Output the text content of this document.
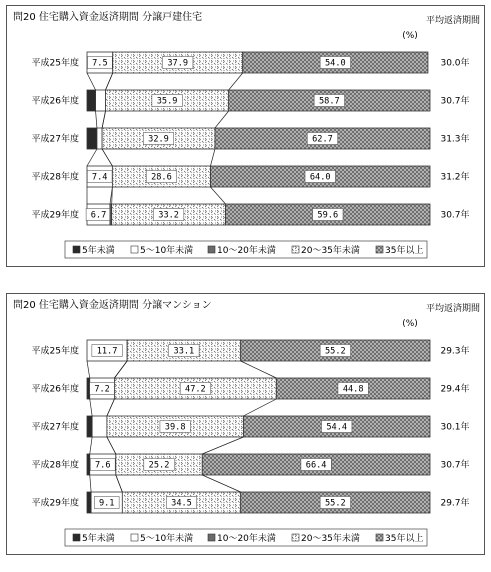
問20 住宅購入資金返済期間 分譲戸建住宅	平均返済期間
(%)
平成25年度 7.5	37.9	54.0	30.0年
平成26年度	35.9	58.7	30.7年
平成27年度	32.9	62.7	31.3年
平成28年度 7.4	28.6	64.0	31.2年
平成29年度 6.7	33.2	59.6	30.7年
5年未満	5〜10年未満	10〜20年未満	20〜35年未満	35年以上
問20 住宅購入資金返済期間 分譲マンション	平均返済期間
(%)
平成25年度 11.7	33.1	55.2	29.3年
平成26年度 7.2	47.2	44.8	29.4年
平成27年度	39.8	54.4	30.1年
平成28年度 7.6	25.2	66.4	30.7年
平成29年度 9.1	34.5	55.2	29.7年
5年未満	5〜10年未満	10〜20年未満	20〜35年未満	35年以上
